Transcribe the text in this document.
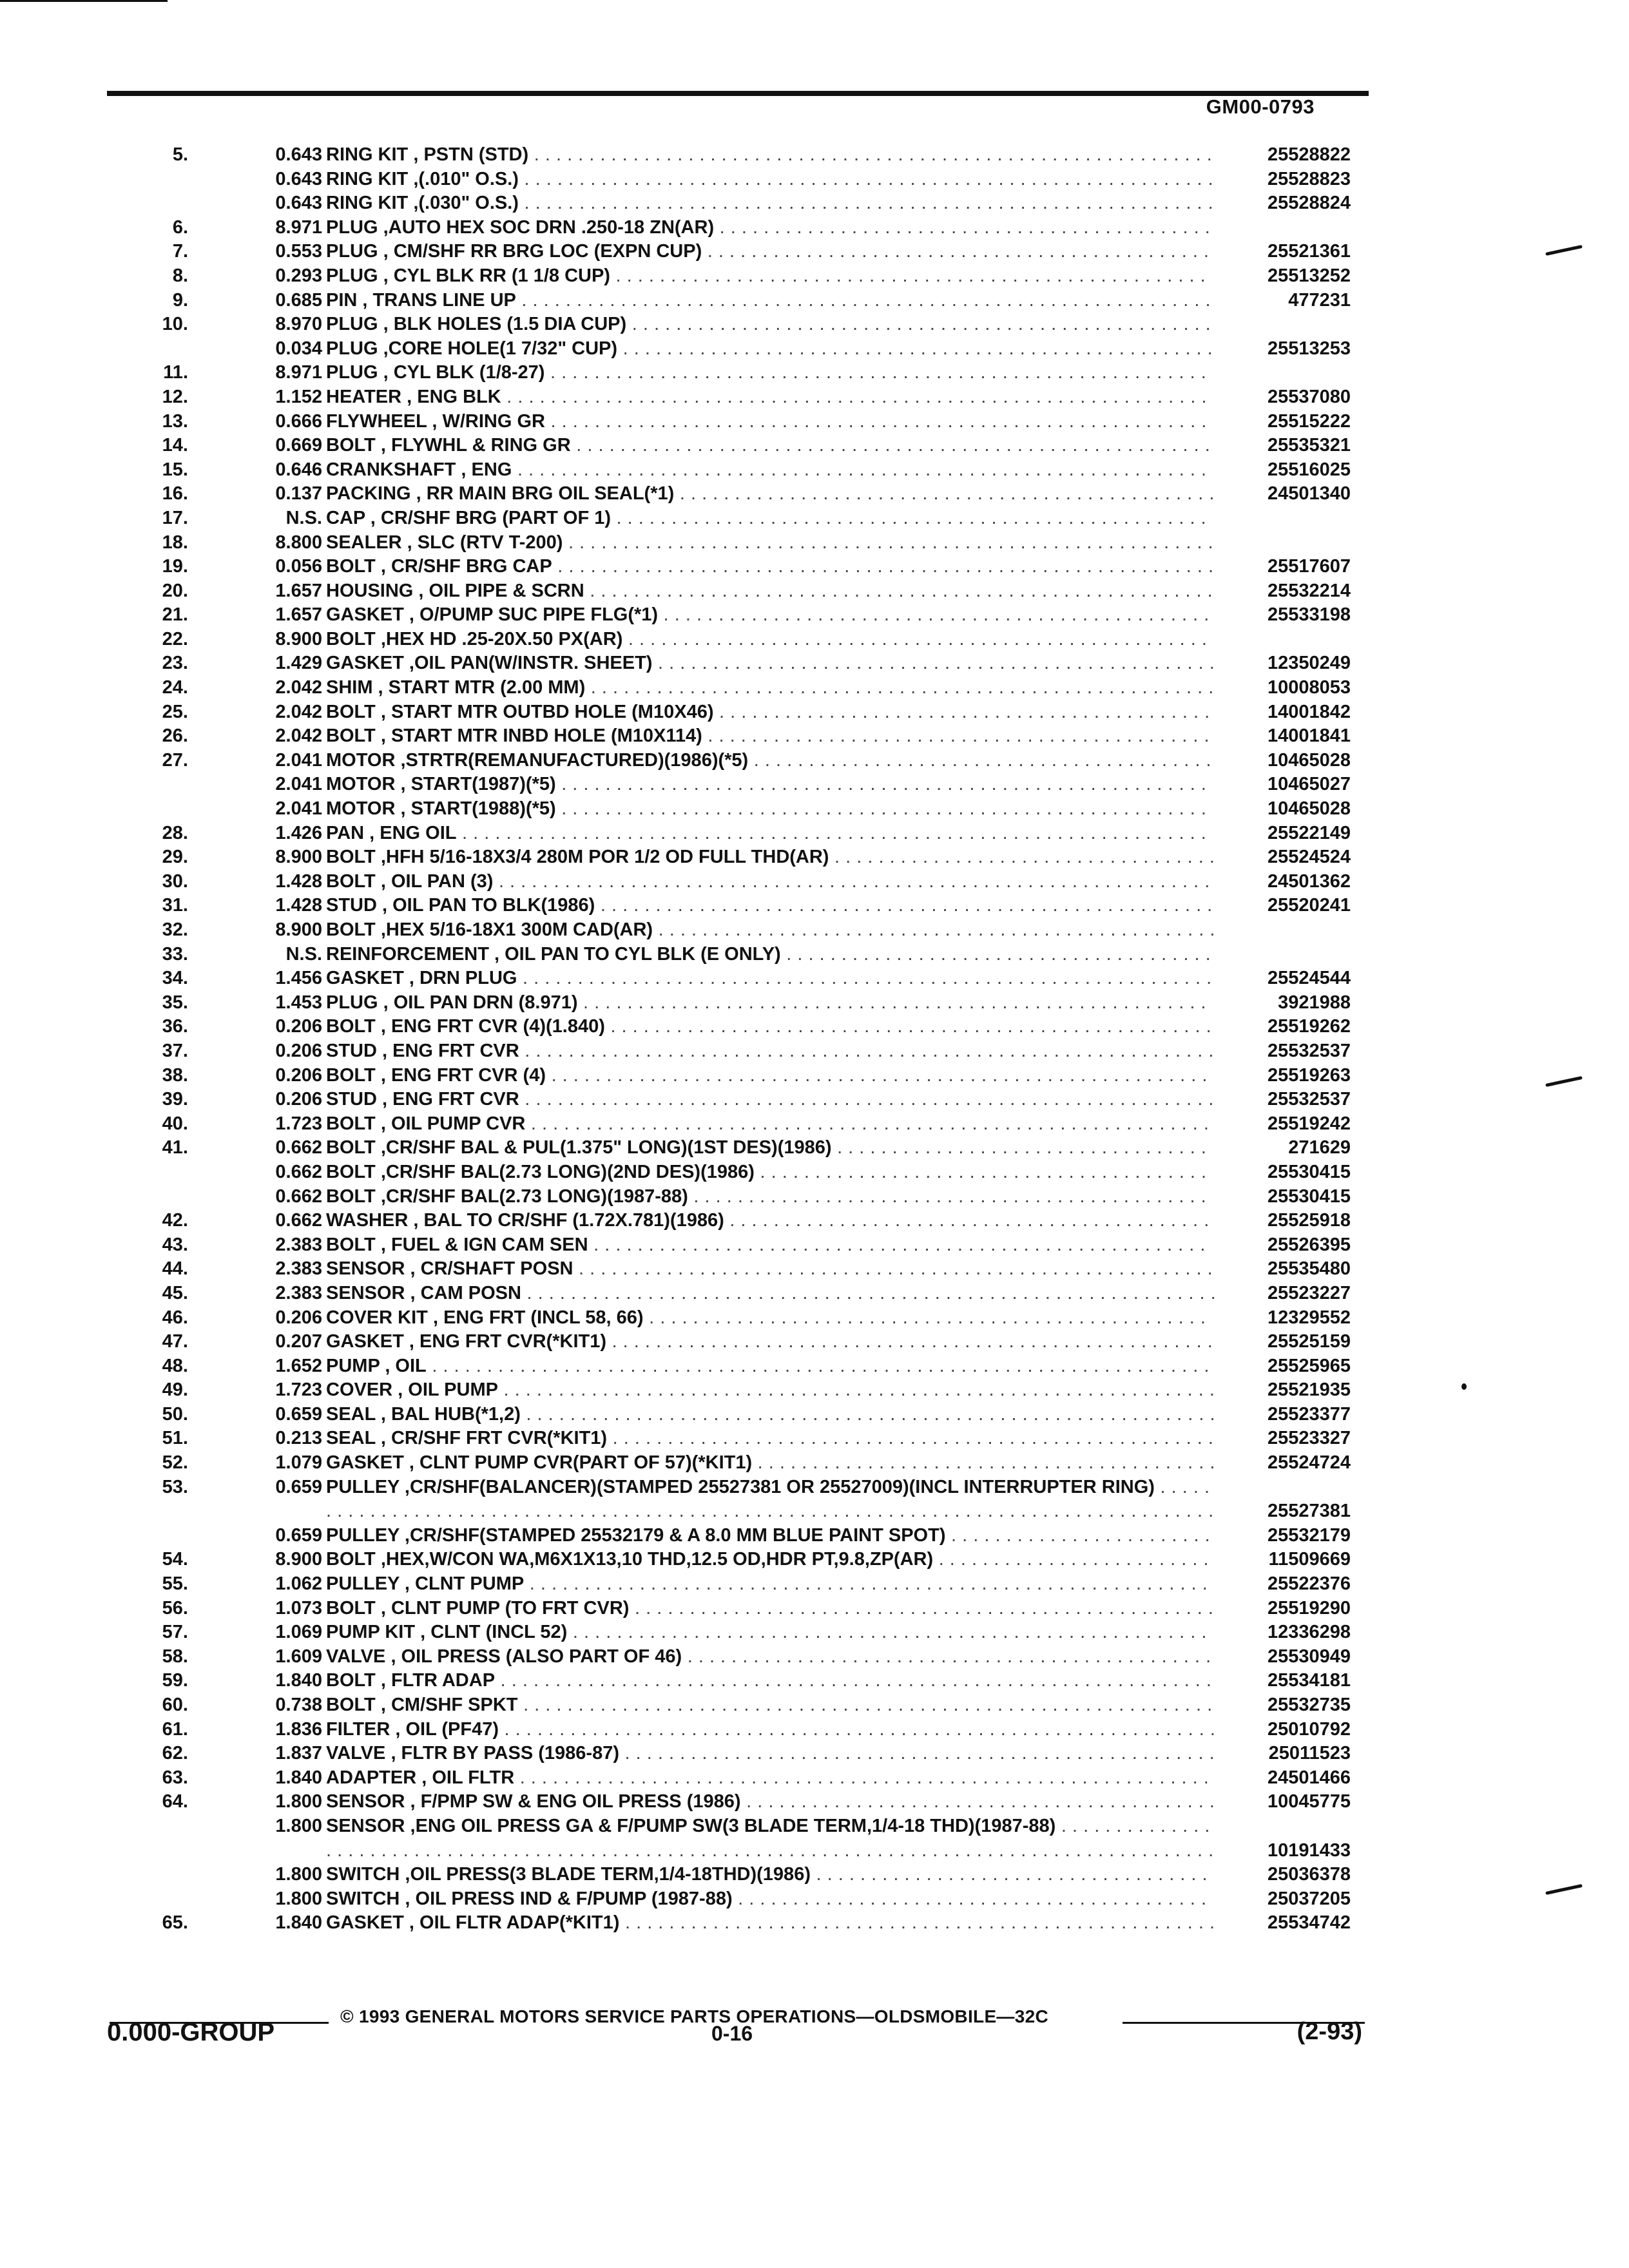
GM00-0793
5.	0.643 RING KIT , PSTN (STD) . . .	25528822
0.643 RING KIT ,(.010" O.S.) . . .	25528823
0.643 RING KIT ,(.030" O.S.) . . .	25528824
6.	8.971 PLUG ,AUTO HEX SOC DRN .250-18 ZN(AR) . . .
7.	0.553 PLUG , CM/SHF RR BRG LOC (EXPN CUP) . . .	25521361
8.	0.293 PLUG , CYL BLK RR (1 1/8 CUP) . . .	25513252
9.	0.685 PIN , TRANS LINE UP . . .	477231
10.	8.970 PLUG , BLK HOLES (1.5 DIA CUP) . . .
0.034 PLUG ,CORE HOLE(1 7/32" CUP) . . .	25513253
11.	8.971 PLUG , CYL BLK (1/8-27) . . .
12.	1.152 HEATER , ENG BLK . . .	25537080
13.	0.666 FLYWHEEL , W/RING GR . . .	25515222
14.	0.669 BOLT , FLYWHL & RING GR . . .	25535321
15.	0.646 CRANKSHAFT , ENG . . .	25516025
16.	0.137 PACKING , RR MAIN BRG OIL SEAL(*1) . . .	24501340
17.	N.S. CAP , CR/SHF BRG (PART OF 1) . . .
18.	8.800 SEALER , SLC (RTV T-200) . . .
19.	0.056 BOLT , CR/SHF BRG CAP . . .	25517607
20.	1.657 HOUSING , OIL PIPE & SCRN . . .	25532214
21.	1.657 GASKET , O/PUMP SUC PIPE FLG(*1) . . .	25533198
22.	8.900 BOLT ,HEX HD .25-20X.50 PX(AR) . . .
23.	1.429 GASKET ,OIL PAN(W/INSTR. SHEET) . . .	12350249
24.	2.042 SHIM , START MTR (2.00 MM) . . .	10008053
25.	2.042 BOLT , START MTR OUTBD HOLE (M10X46) . . .	14001842
26.	2.042 BOLT , START MTR INBD HOLE (M10X114) . . .	14001841
27.	2.041 MOTOR ,STRTR(REMANUFACTURED)(1986)(*5) . . .	10465028
2.041 MOTOR , START(1987)(*5) . . .	10465027
2.041 MOTOR , START(1988)(*5) . . .	10465028
28.	1.426 PAN , ENG OIL . . .	25522149
29.	8.900 BOLT ,HFH 5/16-18X3/4 280M POR 1/2 OD FULL THD(AR) . . .	25524524
30.	1.428 BOLT , OIL PAN (3) . . .	24501362
31.	1.428 STUD , OIL PAN TO BLK(1986) . . .	25520241
32.	8.900 BOLT ,HEX 5/16-18X1 300M CAD(AR) . . .
33.	N.S. REINFORCEMENT , OIL PAN TO CYL BLK (E ONLY) . . .
34.	1.456 GASKET , DRN PLUG . . .	25524544
35.	1.453 PLUG , OIL PAN DRN (8.971) . . .	3921988
36.	0.206 BOLT , ENG FRT CVR (4)(1.840) . . .	25519262
37.	0.206 STUD , ENG FRT CVR . . .	25532537
38.	0.206 BOLT , ENG FRT CVR (4) . . .	25519263
39.	0.206 STUD , ENG FRT CVR . . .	25532537
40.	1.723 BOLT , OIL PUMP CVR . . .	25519242
41.	0.662 BOLT ,CR/SHF BAL & PUL(1.375" LONG)(1ST DES)(1986) . . .	271629
0.662 BOLT ,CR/SHF BAL(2.73 LONG)(2ND DES)(1986) . . .	25530415
0.662 BOLT ,CR/SHF BAL(2.73 LONG)(1987-88) . . .	25530415
42.	0.662 WASHER , BAL TO CR/SHF (1.72X.781)(1986) . . .	25525918
43.	2.383 BOLT , FUEL & IGN CAM SEN . . .	25526395
44.	2.383 SENSOR , CR/SHAFT POSN . . .	25535480
45.	2.383 SENSOR , CAM POSN . . .	25523227
46.	0.206 COVER KIT , ENG FRT (INCL 58, 66) . . .	12329552
47.	0.207 GASKET , ENG FRT CVR(*KIT1) . . .	25525159
48.	1.652 PUMP , OIL . . .	25525965
49.	1.723 COVER , OIL PUMP . . .	25521935
50.	0.659 SEAL , BAL HUB(*1,2) . . .	25523377
51.	0.213 SEAL , CR/SHF FRT CVR(*KIT1) . . .	25523327
52.	1.079 GASKET , CLNT PUMP CVR(PART OF 57)(*KIT1) . . .	25524724
53.	0.659 PULLEY ,CR/SHF(BALANCER)(STAMPED 25527381 OR 25527009)(INCL INTERRUPTER RING) . . .
25527381
0.659 PULLEY ,CR/SHF(STAMPED 25532179 & A 8.0 MM BLUE PAINT SPOT) . . .	25532179
54.	8.900 BOLT ,HEX,W/CON WA,M6X1X13,10 THD,12.5 OD,HDR PT,9.8,ZP(AR) . . .	11509669
55.	1.062 PULLEY , CLNT PUMP . . .	25522376
56.	1.073 BOLT , CLNT PUMP (TO FRT CVR) . . .	25519290
57.	1.069 PUMP KIT , CLNT (INCL 52) . . .	12336298
58.	1.609 VALVE , OIL PRESS (ALSO PART OF 46) . . .	25530949
59.	1.840 BOLT , FLTR ADAP . . .	25534181
60.	0.738 BOLT , CM/SHF SPKT . . .	25532735
61.	1.836 FILTER , OIL (PF47) . . .	25010792
62.	1.837 VALVE , FLTR BY PASS (1986-87) . . .	25011523
63.	1.840 ADAPTER , OIL FLTR . . .	24501466
64.	1.800 SENSOR , F/PMP SW & ENG OIL PRESS (1986) . . .	10045775
1.800 SENSOR ,ENG OIL PRESS GA & F/PUMP SW(3 BLADE TERM,1/4-18 THD)(1987-88) . . .
10191433
1.800 SWITCH ,OIL PRESS(3 BLADE TERM,1/4-18THD)(1986) . . .	25036378
1.800 SWITCH , OIL PRESS IND & F/PUMP (1987-88) . . .	25037205
65.	1.840 GASKET , OIL FLTR ADAP(*KIT1) . . .	25534742
© 1993 GENERAL MOTORS SERVICE PARTS OPERATIONS—OLDSMOBILE—32C
0.000-GROUP	0-16	(2-93)
